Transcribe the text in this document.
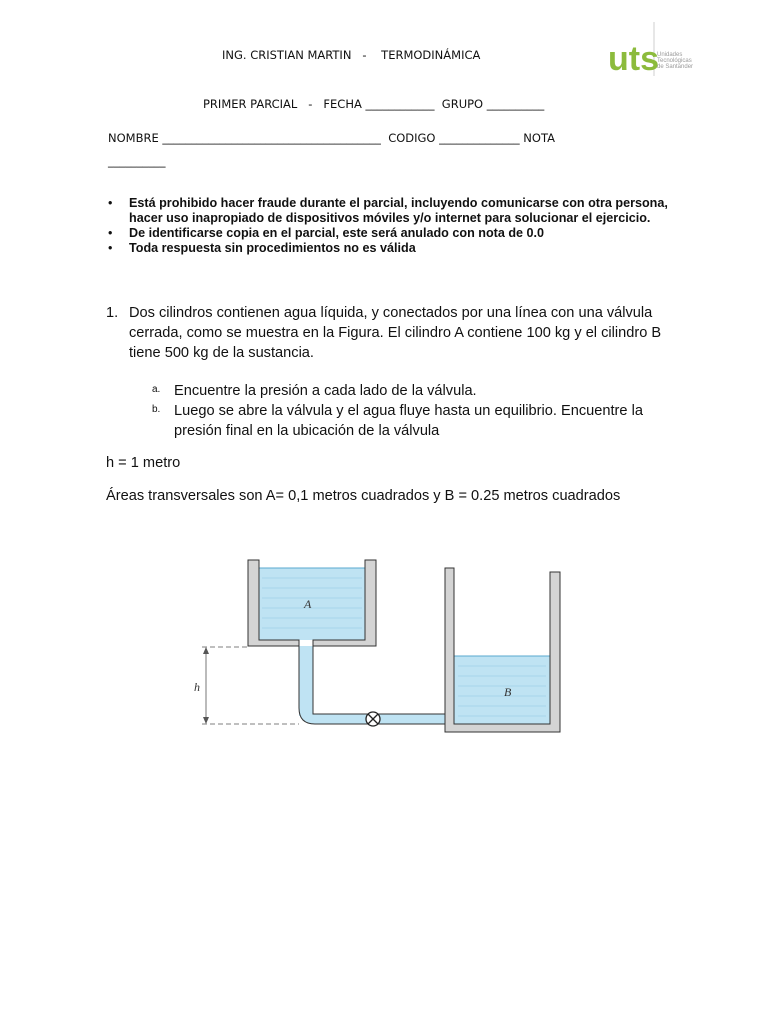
ING. CRISTIAN MARTIN   -    TERMODINÁMICA
PRIMER PARCIAL   -   FECHA ____________  GRUPO __________
NOMBRE ______________________________________  CODIGO ______________ NOTA
__________
uts
Unidades
Tecnológicas
de Santander
• Está prohibido hacer fraude durante el parcial, incluyendo comunicarse con otra persona,
hacer uso inapropiado de dispositivos móviles y/o internet para solucionar el ejercicio.
• De identificarse copia en el parcial, este será anulado con nota de 0.0
• Toda respuesta sin procedimientos no es válida
1. Dos cilindros contienen agua líquida, y conectados por una línea con una válvula
cerrada, como se muestra en la Figura. El cilindro A contiene 100 kg y el cilindro B
tiene 500 kg de la sustancia.
a. Encuentre la presión a cada lado de la válvula.
b. Luego se abre la válvula y el agua fluye hasta un equilibrio. Encuentre la
presión final en la ubicación de la válvula
h = 1 metro
Áreas transversales son A= 0,1 metros cuadrados y B = 0.25 metros cuadrados
A
B
h
